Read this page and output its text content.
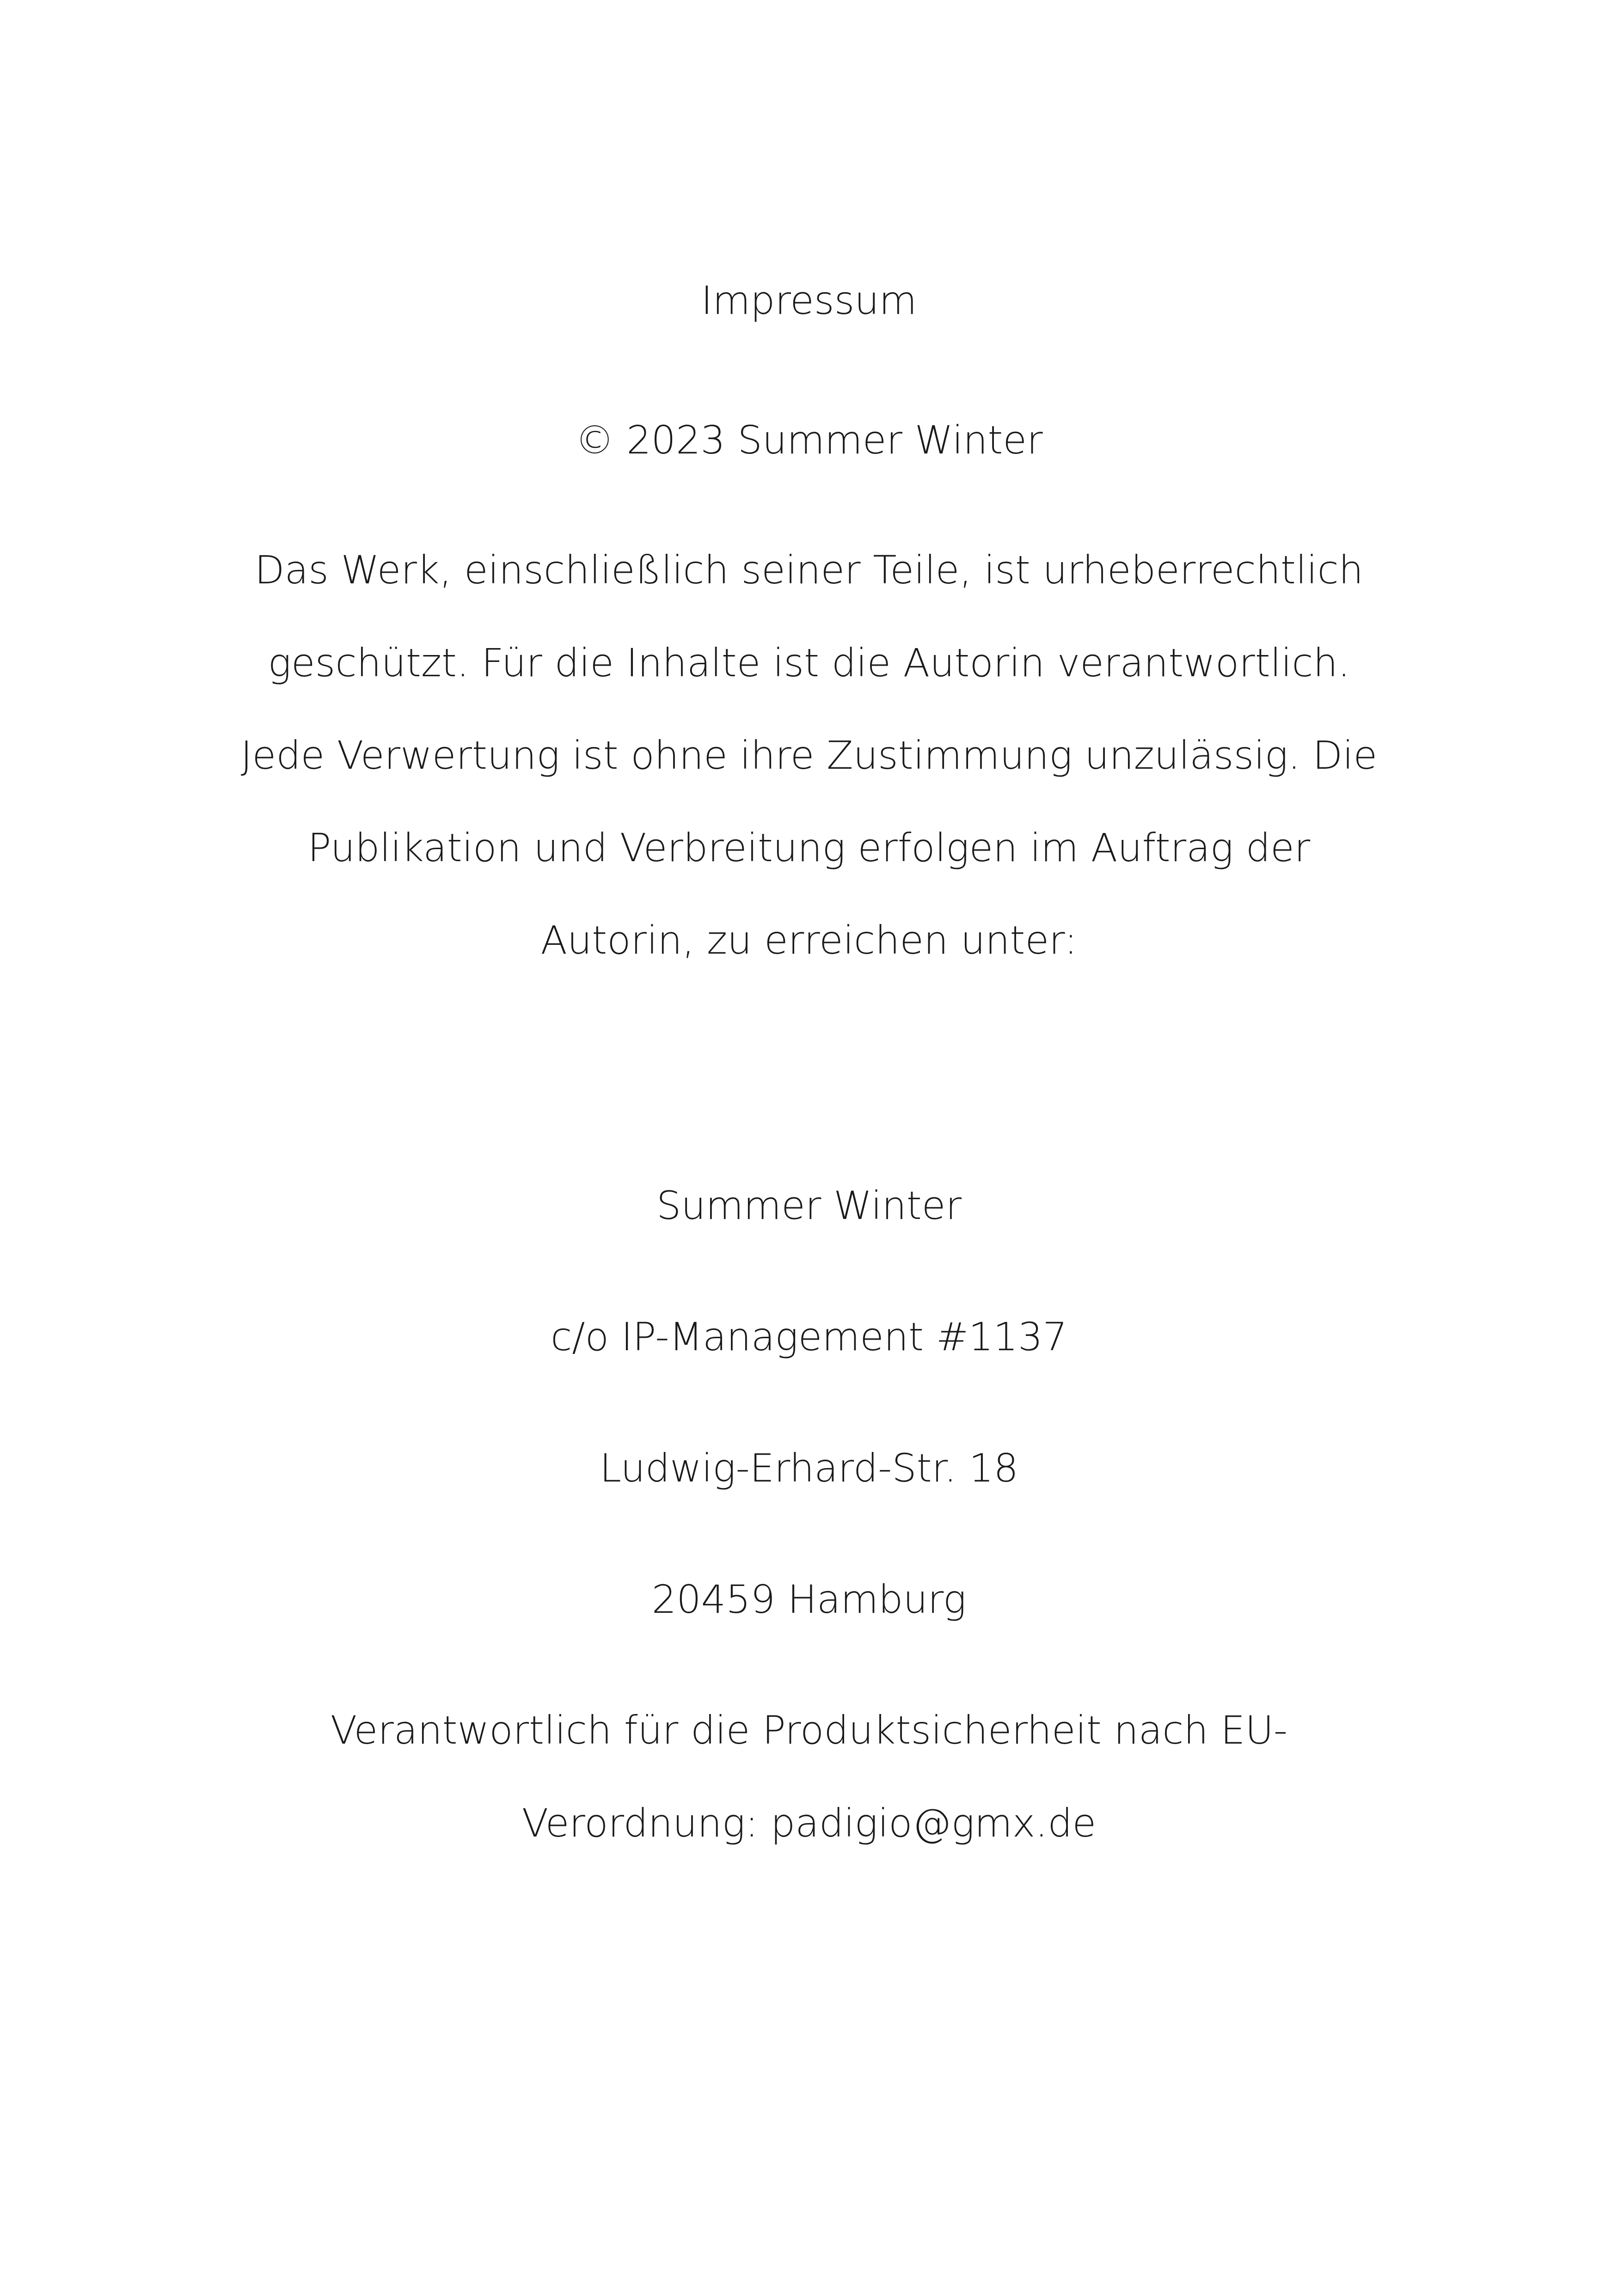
Impressum
© 2023 Summer Winter
Das Werk, einschließlich seiner Teile, ist urheberrechtlich
geschützt. Für die Inhalte ist die Autorin verantwortlich.
Jede Verwertung ist ohne ihre Zustimmung unzulässig. Die
Publikation und Verbreitung erfolgen im Auftrag der
Autorin, zu erreichen unter:
Summer Winter
c/o IP-Management #1137
Ludwig-Erhard-Str. 18
20459 Hamburg
Verantwortlich für die Produktsicherheit nach EU-
Verordnung: padigio@gmx.de
